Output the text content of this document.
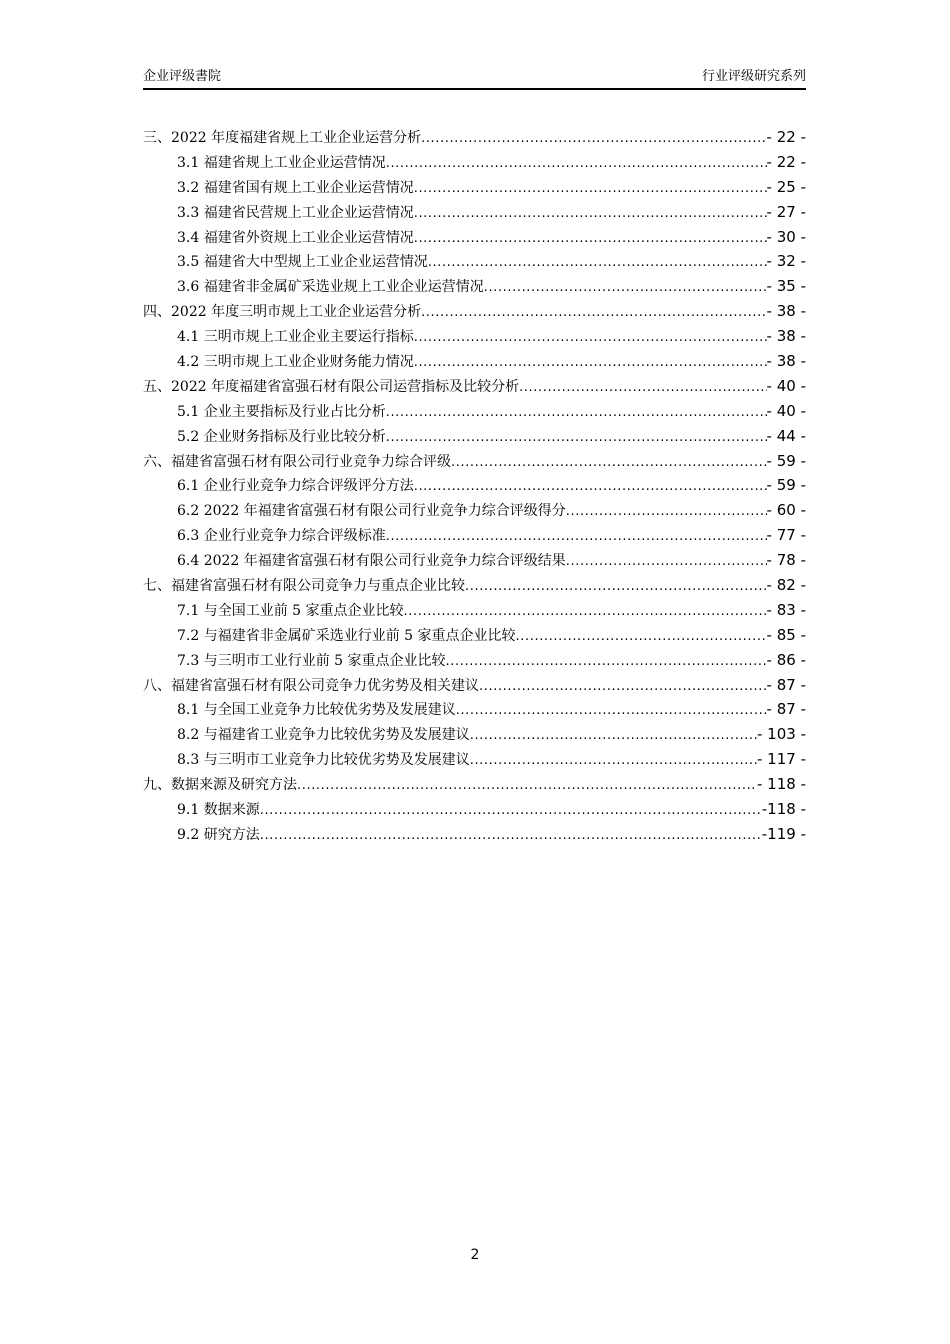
企业评级書院	行业评级研究系列
三、2022 年度福建省规上工业企业运营分析 .....	- 22 -
3.1 福建省规上工业企业运营情况 .....	- 22 -
3.2 福建省国有规上工业企业运营情况 .....	- 25 -
3.3 福建省民营规上工业企业运营情况 .....	- 27 -
3.4 福建省外资规上工业企业运营情况 .....	- 30 -
3.5 福建省大中型规上工业企业运营情况 .....	- 32 -
3.6 福建省非金属矿采选业规上工业企业运营情况 .....	- 35 -
四、2022 年度三明市规上工业企业运营分析 .....	- 38 -
4.1 三明市规上工业企业主要运行指标 .....	- 38 -
4.2 三明市规上工业企业财务能力情况 .....	- 38 -
五、2022 年度福建省富强石材有限公司运营指标及比较分析 .....	- 40 -
5.1 企业主要指标及行业占比分析 .....	- 40 -
5.2 企业财务指标及行业比较分析 .....	- 44 -
六、福建省富强石材有限公司行业竞争力综合评级 .....	- 59 -
6.1 企业行业竞争力综合评级评分方法 .....	- 59 -
6.2 2022 年福建省富强石材有限公司行业竞争力综合评级得分 .....	- 60 -
6.3 企业行业竞争力综合评级标准 .....	- 77 -
6.4 2022 年福建省富强石材有限公司行业竞争力综合评级结果 .....	- 78 -
七、福建省富强石材有限公司竞争力与重点企业比较 .....	- 82 -
7.1 与全国工业前 5 家重点企业比较 .....	- 83 -
7.2 与福建省非金属矿采选业行业前 5 家重点企业比较 .....	- 85 -
7.3 与三明市工业行业前 5 家重点企业比较 .....	- 86 -
八、福建省富强石材有限公司竞争力优劣势及相关建议 .....	- 87 -
8.1 与全国工业竞争力比较优劣势及发展建议 .....	- 87 -
8.2 与福建省工业竞争力比较优劣势及发展建议 .....	- 103 -
8.3 与三明市工业竞争力比较优劣势及发展建议 .....	- 117 -
九、数据来源及研究方法 .....	- 118 -
9.1 数据来源 .....	-118 -
9.2 研究方法 .....	-119 -
2
